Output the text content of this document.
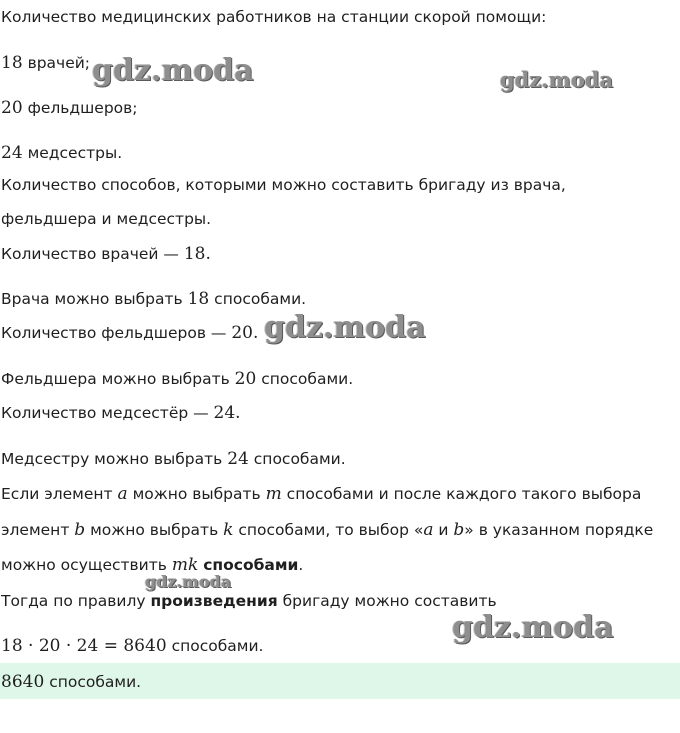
Количество медицинских работников на станции скорой помощи:
18 врачей;
20 фельдшеров;
24 медсестры.
Количество способов, которыми можно составить бригаду из врача,
фельдшера и медсестры.
Количество врачей — 18.
Врача можно выбрать 18 способами.
Количество фельдшеров — 20.
Фельдшера можно выбрать 20 способами.
Количество медсестёр — 24.
Медсестру можно выбрать 24 способами.
Если элемент a можно выбрать m способами и после каждого такого выбора
элемент b можно выбрать k способами, то выбор «a и b» в указанном порядке
можно осуществить mk способами.
Тогда по правилу произведения бригаду можно составить
18 · 20 · 24 = 8640 способами.
8640 способами.
gdz.moda	gdz.moda
gdz.moda
gdz.moda
gdz.moda
